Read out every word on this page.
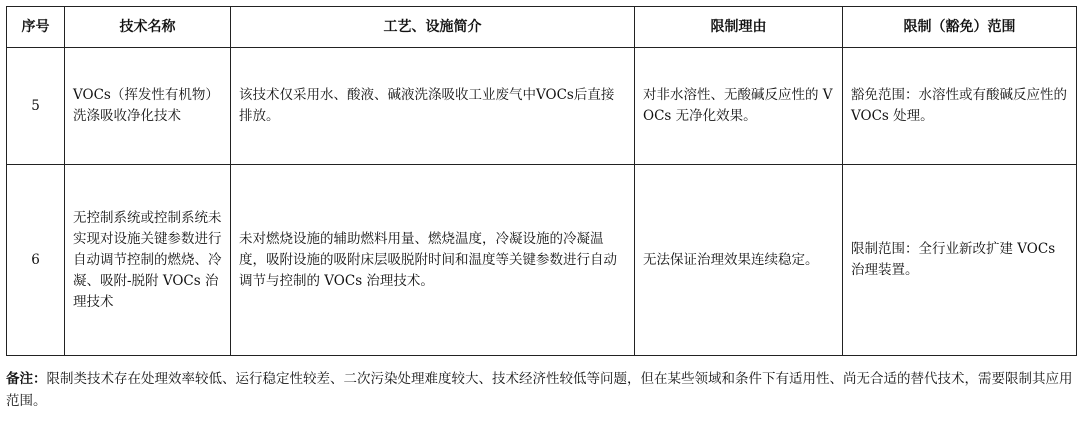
序号	技术名称	工艺、设施简介	限制理由	限制（豁免）范围
5	VOCs（挥发性有机物）洗涤吸收净化技术	该技术仅采用水、酸液、碱液洗涤吸收工业废气中VOCs后直接排放。	对非水溶性、无酸碱反应性的 VOCs 无净化效果。	豁免范围：水溶性或有酸碱反应性的 VOCs 处理。
6	无控制系统或控制系统未实现对设施关键参数进行自动调节控制的燃烧、冷凝、吸附-脱附 VOCs 治理技术	未对燃烧设施的辅助燃料用量、燃烧温度，冷凝设施的冷凝温度，吸附设施的吸附床层吸脱附时间和温度等关键参数进行自动调节与控制的 VOCs 治理技术。	无法保证治理效果连续稳定。	限制范围：全行业新改扩建 VOCs 治理装置。
备注：限制类技术存在处理效率较低、运行稳定性较差、二次污染处理难度较大、技术经济性较低等问题，但在某些领域和条件下有适用性、尚无合适的替代技术，需要限制其应用范围。
